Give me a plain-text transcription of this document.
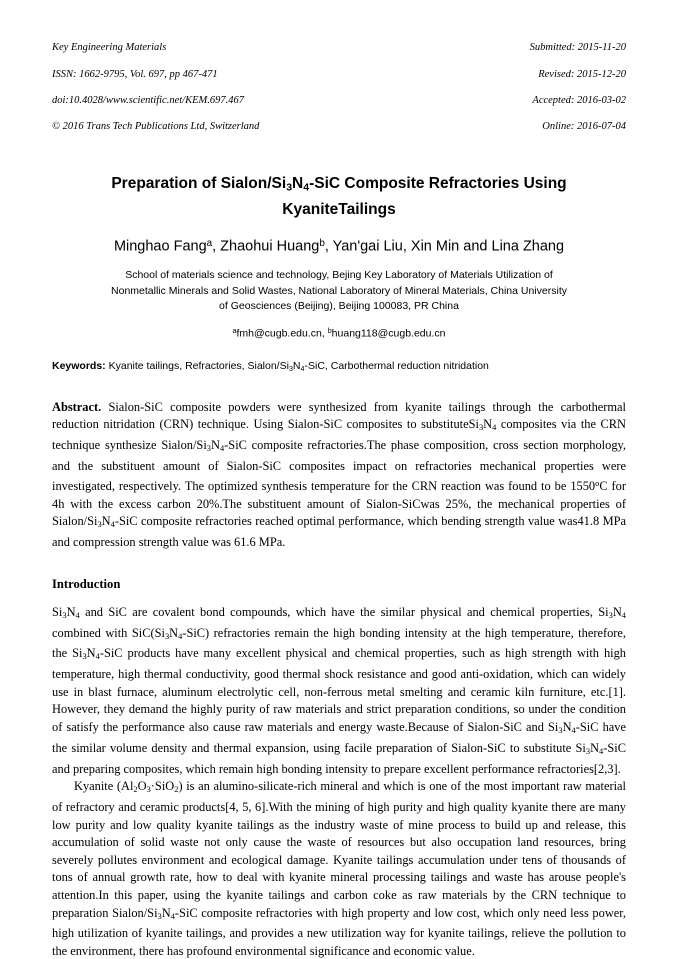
Key Engineering Materials

ISSN: 1662-9795, Vol. 697, pp 467-471

doi:10.4028/www.scientific.net/KEM.697.467

© 2016 Trans Tech Publications Ltd, Switzerland

Submitted: 2015-11-20

Revised: 2015-12-20

Accepted: 2016-03-02

Online: 2016-07-04

Preparation of Sialon/$Si_3N_4$-SiC Composite Refractories Using
KyaniteTailings
Minghao Fang$^a$, Zhaohui Huang$^b$, Yan'gai Liu, Xin Min and Lina Zhang
School of materials science and technology, Bejing Key Laboratory of Materials Utilization of
Nonmetallic Minerals and Solid Wastes, National Laboratory of Mineral Materials, China University
of Geosciences (Beijing), Beijing 100083, PR China
$^a$fmh@cugb.edu.cn, $^b$huang118@cugb.edu.cn
Keywords: Kyanite tailings, Refractories, Sialon/$Si_3N_4$-SiC, Carbothermal reduction nitridation
Abstract. Sialon-SiC composite powders were synthesized from kyanite tailings through the carbothermal reduction nitridation (CRN) technique. Using Sialon-SiC composites to $substituteSi_3N_4$ composites via the CRN technique synthesize Sialon/$Si_3N_4$-SiC composite refractories.The phase composition, cross section morphology, and the substituent amount of Sialon-SiC composites impact on refractories mechanical properties were investigated, respectively. The optimized synthesis temperature for the CRN reaction was found to be 1550$^o$C for 4h with the excess carbon 20%.The substituent amount of Sialon-SiCwas 25%, the mechanical properties of Sialon/$Si_3N_4$-SiC composite refractories reached optimal performance, which bending strength value was41.8 MPa and compression strength value was 61.6 MPa.
Introduction

$Si_3N_4$ and SiC are covalent bond compounds, which have the similar physical and chemical properties, $Si_3N_4$ combined with $SiC(Si_3N_4-SiC)$ refractories remain the high bonding intensity at the high temperature, therefore, the $Si_3N_4$-SiC products have many excellent physical and chemical properties, such as high strength with high temperature, high thermal conductivity, good thermal shock resistance and good anti-oxidation, which can widely use in blast furnace, aluminum electrolytic cell, non-ferrous metal smelting and ceramic kiln furniture, etc.[1]. However, they demand the highly purity of raw materials and strict preparation conditions, so under the condition of satisfy the performance also cause raw materials and energy waste.Because of Sialon-SiC and $Si_3N_4$-SiC have the similar volume density and thermal expansion, using facile preparation of Sialon-SiC to substitute $Si_3N_4$-SiC and preparing composites, which remain high bonding intensity to prepare excellent performance refractories[2,3].

Kyanite $(Al_2O_3\cdot SiO_2)$ is an alumino-silicate-rich mineral and which is one of the most important raw material of refractory and ceramic products[4, 5, 6].With the mining of high purity and high quality kyanite there are many low purity and low quality kyanite tailings as the industry waste of mine process to build up and release, this accumulation of solid waste not only cause the waste of resources but also occupation land resources, bring severely pollutes environment and ecological damage. Kyanite tailings accumulation under tens of thousands of tons of annual growth rate, how to deal with kyanite mineral processing tailings and waste has arouse people's attention.In this paper, using the kyanite tailings and carbon coke as raw materials by the CRN technique to preparation Sialon/$Si_3N_4$-SiC composite refractories with high property and low cost, which only need less power, high utilization of kyanite tailings, and provides a new utilization way for kyanite tailings, relieve the pollution to the environment, there has profound environmental significance and economic value.
